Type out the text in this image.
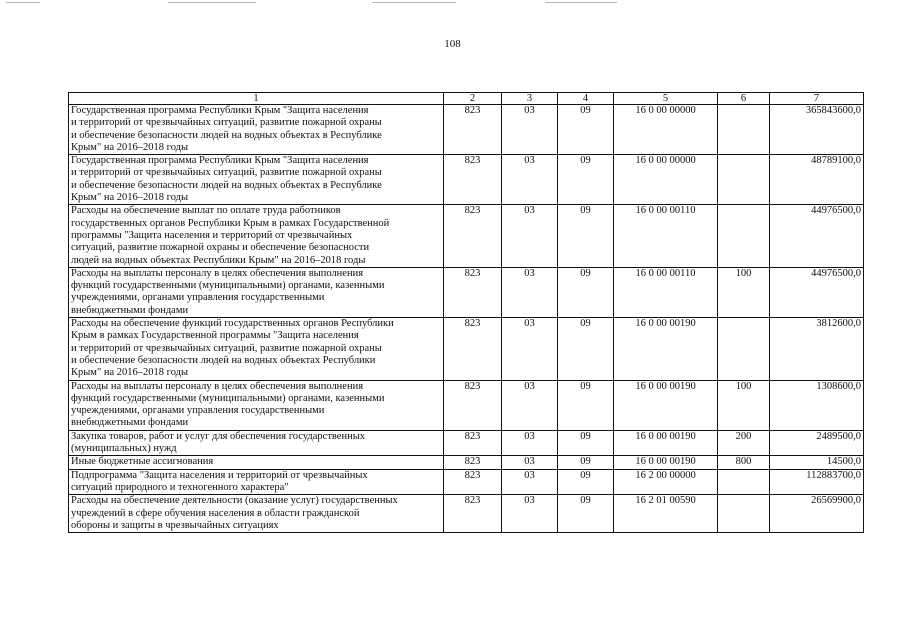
108
1	2	3	4	5	6	7
Государственная программа Республики Крым "Защита населения
и территорий от чрезвычайных ситуаций, развитие пожарной охраны
и обеспечение безопасности людей на водных объектах в Республике
Крым" на 2016–2018 годы	823	03	09	16 0 00 00000		365843600,0
Государственная программа Республики Крым "Защита населения
и территорий от чрезвычайных ситуаций, развитие пожарной охраны
и обеспечение безопасности людей на водных объектах в Республике
Крым" на 2016–2018 годы	823	03	09	16 0 00 00000		48789100,0
Расходы на обеспечение выплат по оплате труда работников
государственных органов Республики Крым в рамках Государственной
программы "Защита населения и территорий от чрезвычайных
ситуаций, развитие пожарной охраны и обеспечение безопасности
людей на водных объектах Республики Крым" на 2016–2018 годы	823	03	09	16 0 00 00110		44976500,0
Расходы на выплаты персоналу в целях обеспечения выполнения
функций государственными (муниципальными) органами, казенными
учреждениями, органами управления государственными
внебюджетными фондами	823	03	09	16 0 00 00110	100	44976500,0
Расходы на обеспечение функций государственных органов Республики
Крым в рамках Государственной программы "Защита населения
и территорий от чрезвычайных ситуаций, развитие пожарной охраны
и обеспечение безопасности людей на водных объектах Республики
Крым" на 2016–2018 годы	823	03	09	16 0 00 00190		3812600,0
Расходы на выплаты персоналу в целях обеспечения выполнения
функций государственными (муниципальными) органами, казенными
учреждениями, органами управления государственными
внебюджетными фондами	823	03	09	16 0 00 00190	100	1308600,0
Закупка товаров, работ и услуг для обеспечения государственных
(муниципальных) нужд	823	03	09	16 0 00 00190	200	2489500,0
Иные бюджетные ассигнования	823	03	09	16 0 00 00190	800	14500,0
Подпрограмма "Защита населения и территорий от чрезвычайных
ситуаций природного и техногенного характера"	823	03	09	16 2 00 00000		112883700,0
Расходы на обеспечение деятельности (оказание услуг) государственных
учреждений в сфере обучения населения в области гражданской
обороны и защиты в чрезвычайных ситуациях	823	03	09	16 2 01 00590		26569900,0
